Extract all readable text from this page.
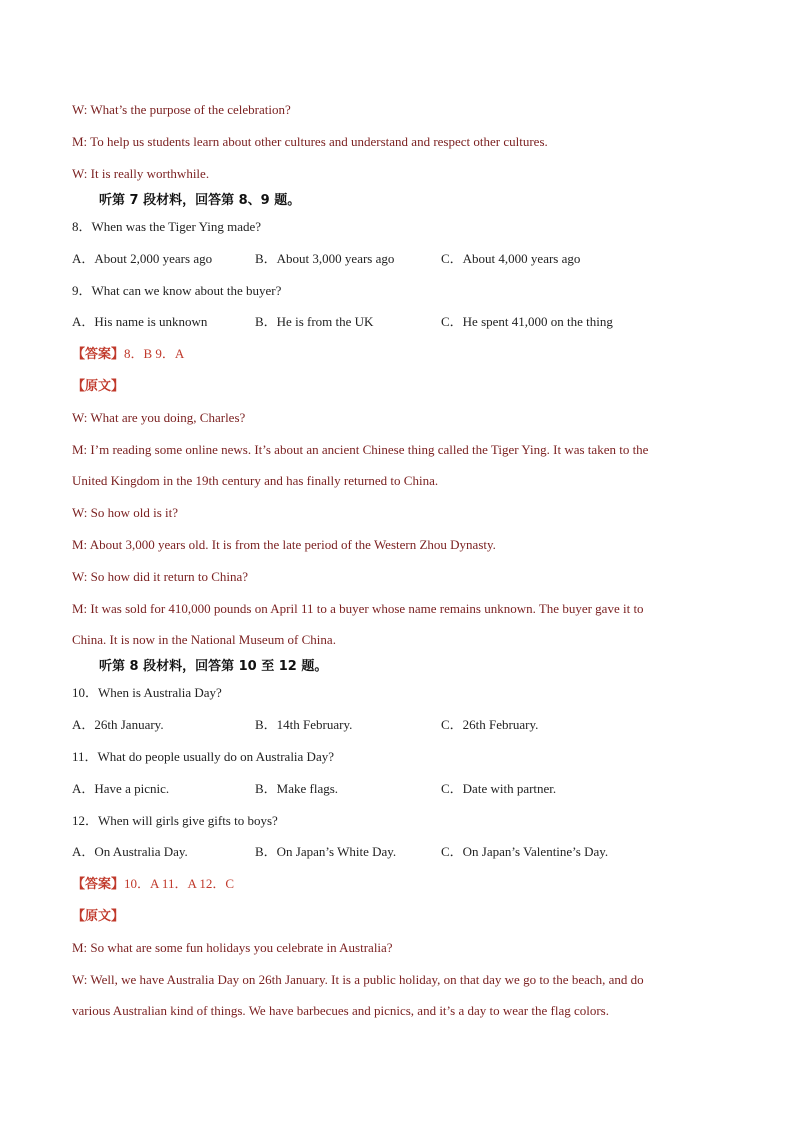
W: What’s the purpose of the celebration?
M: To help us students learn about other cultures and understand and respect other cultures.
W: It is really worthwhile.
听第 7 段材料，回答第 8、9 题。
8．When was the Tiger Ying made?
A．About 2,000 years ago	B．About 3,000 years ago	C．About 4,000 years ago
9．What can we know about the buyer?
A．His name is unknown	B．He is from the UK	C．He spent 41,000 on the thing
【答案】8．B 9．A
【原文】
W: What are you doing, Charles?
M: I’m reading some online news. It’s about an ancient Chinese thing called the Tiger Ying. It was taken to the
United Kingdom in the 19th century and has finally returned to China.
W: So how old is it?
M: About 3,000 years old. It is from the late period of the Western Zhou Dynasty.
W: So how did it return to China?
M: It was sold for 410,000 pounds on April 11 to a buyer whose name remains unknown. The buyer gave it to
China. It is now in the National Museum of China.
听第 8 段材料，回答第 10 至 12 题。
10．When is Australia Day?
A．26th January.	B．14th February.	C．26th February.
11．What do people usually do on Australia Day?
A．Have a picnic.	B．Make flags.	C．Date with partner.
12．When will girls give gifts to boys?
A．On Australia Day.	B．On Japan’s White Day.	C．On Japan’s Valentine’s Day.
【答案】10．A 11．A 12．C
【原文】
M: So what are some fun holidays you celebrate in Australia?
W: Well, we have Australia Day on 26th January. It is a public holiday, on that day we go to the beach, and do
various Australian kind of things. We have barbecues and picnics, and it’s a day to wear the flag colors.
